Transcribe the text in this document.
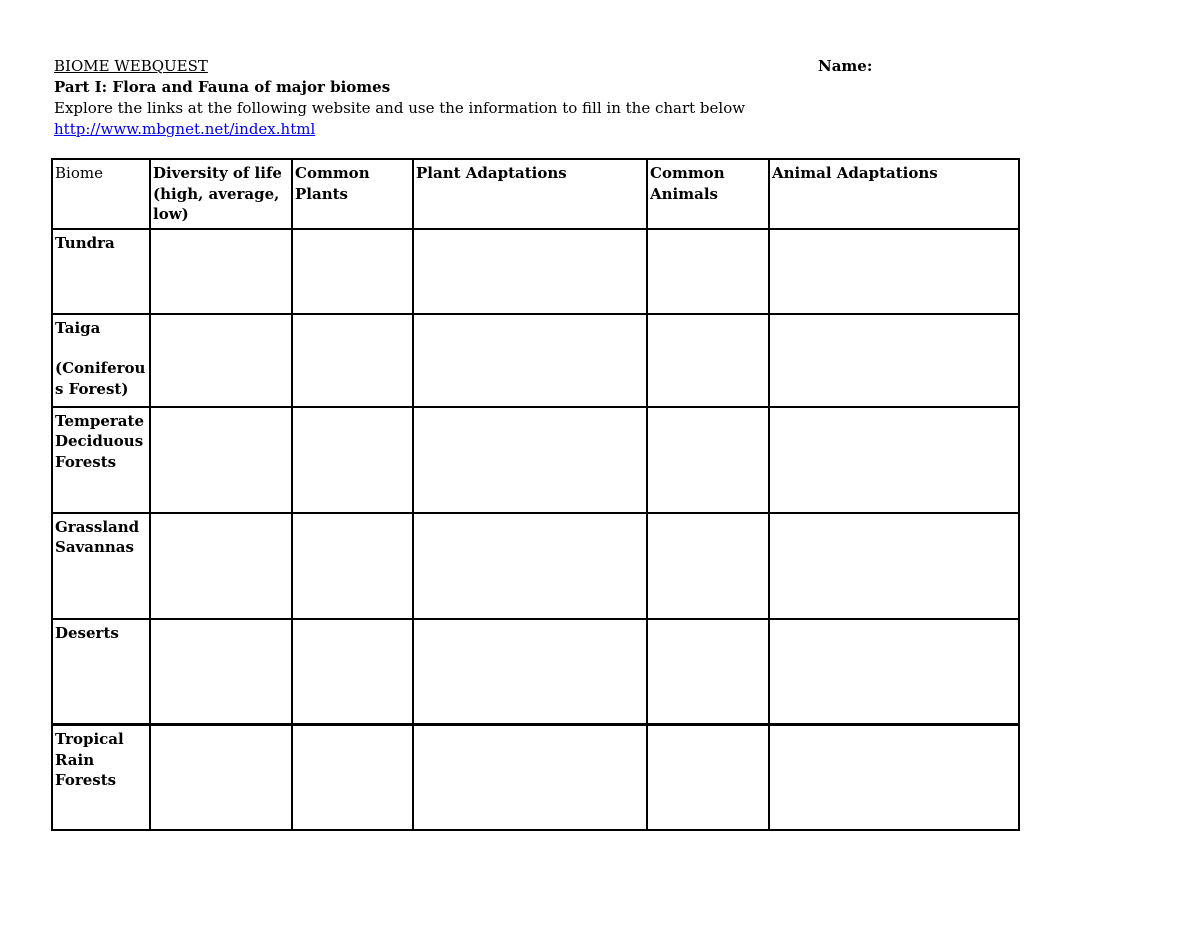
BIOME WEBQUEST	Name:
Part I: Flora and Fauna of major biomes
Explore the links at the following website and use the information to fill in the chart below
http://www.mbgnet.net/index.html
Biome	Diversity of life (high, average, low)	Common Plants	Plant Adaptations	Common Animals	Animal Adaptations

Tundra					

Taiga
(Coniferous Forest)					

Temperate Deciduous Forests					

Grassland Savannas					

Deserts					

Tropical Rain Forests					
